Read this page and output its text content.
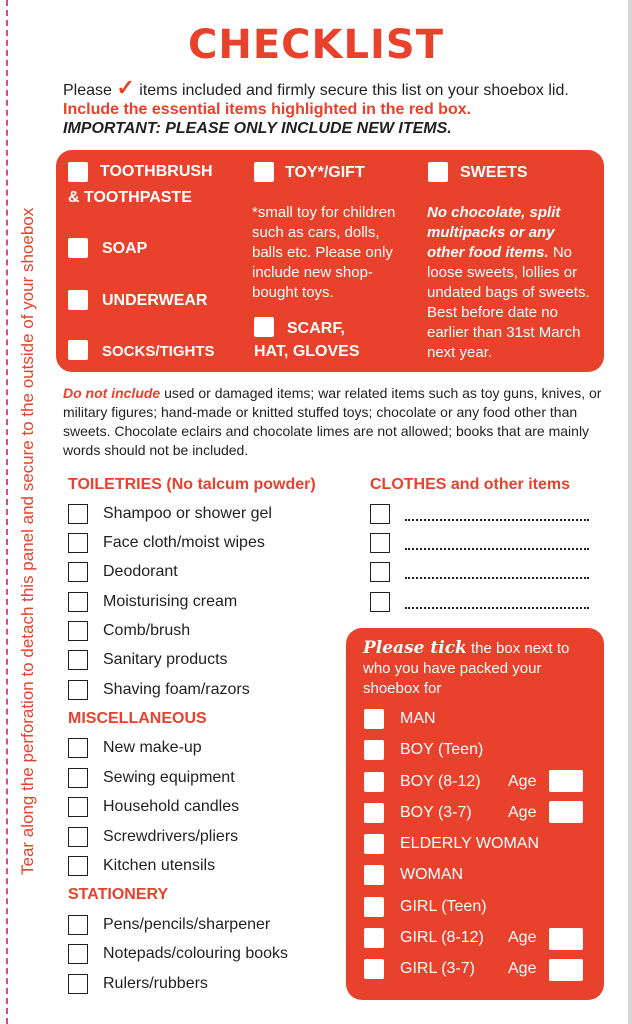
Tear along the perforation to detach this panel and secure to the outside of your shoebox
CHECKLIST
Please ✓ items included and firmly secure this list on your shoebox lid.
Include the essential items highlighted in the red box.
IMPORTANT: PLEASE ONLY INCLUDE NEW ITEMS.
TOOTHBRUSH
& TOOTHPASTE
SOAP
UNDERWEAR
SOCKS/TIGHTS
TOY*/GIFT
*small toy for children such as cars, dolls, balls etc. Please only include new shop-bought toys.
SCARF,
HAT, GLOVES
SWEETS
No chocolate, split multipacks or any other food items. No loose sweets, lollies or undated bags of sweets. Best before date no earlier than 31st March next year.
Do not include used or damaged items; war related items such as toy guns, knives, or military figures; hand-made or knitted stuffed toys; chocolate or any food other than sweets. Chocolate eclairs and chocolate limes are not allowed; books that are mainly words should not be included.
TOILETRIES (No talcum powder)
Shampoo or shower gel
Face cloth/moist wipes
Deodorant
Moisturising cream
Comb/brush
Sanitary products
Shaving foam/razors
MISCELLANEOUS
New make-up
Sewing equipment
Household candles
Screwdrivers/pliers
Kitchen utensils
STATIONERY
Pens/pencils/sharpener
Notepads/colouring books
Rulers/rubbers
CLOTHES and other items
Please tick the box next to who you have packed your shoebox for
MAN
BOY (Teen)
BOY (8-12)
BOY (3-7)
ELDERLY WOMAN
WOMAN
GIRL (Teen)
GIRL (8-12)
GIRL (3-7)
Age
Age
Age
Age
